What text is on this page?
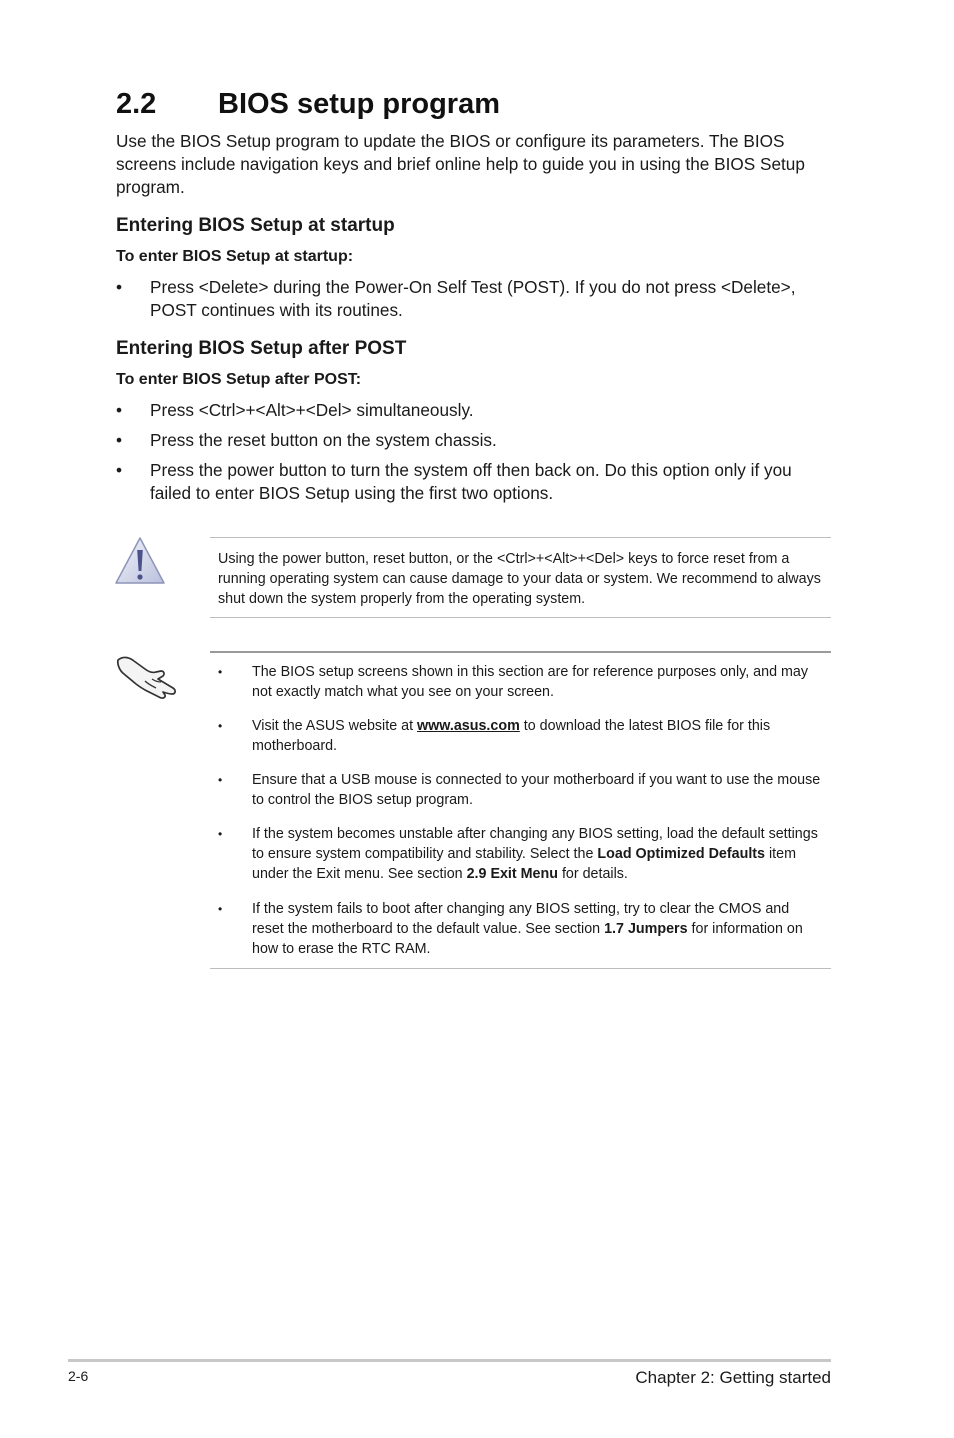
2.2 BIOS setup program

Use the BIOS Setup program to update the BIOS or configure its parameters. The BIOS screens include navigation keys and brief online help to guide you in using the BIOS Setup program.

Entering BIOS Setup at startup
To enter BIOS Setup at startup:
• Press <Delete> during the Power-On Self Test (POST). If you do not press <Delete>, POST continues with its routines.
Entering BIOS Setup after POST
To enter BIOS Setup after POST:
• Press <Ctrl>+<Alt>+<Del> simultaneously.
• Press the reset button on the system chassis.
• Press the power button to turn the system off then back on. Do this option only if you failed to enter BIOS Setup using the first two options.
Using the power button, reset button, or the <Ctrl>+<Alt>+<Del> keys to force reset from a running operating system can cause damage to your data or system. We recommend to always shut down the system properly from the operating system.
• The BIOS setup screens shown in this section are for reference purposes only, and may not exactly match what you see on your screen.
• Visit the ASUS website at www.asus.com to download the latest BIOS file for this motherboard.
• Ensure that a USB mouse is connected to your motherboard if you want to use the mouse to control the BIOS setup program.
• If the system becomes unstable after changing any BIOS setting, load the default settings to ensure system compatibility and stability. Select the Load Optimized Defaults item under the Exit menu. See section 2.9 Exit Menu for details.
• If the system fails to boot after changing any BIOS setting, try to clear the CMOS and reset the motherboard to the default value. See section 1.7 Jumpers for information on how to erase the RTC RAM.
2-6	Chapter 2: Getting started
